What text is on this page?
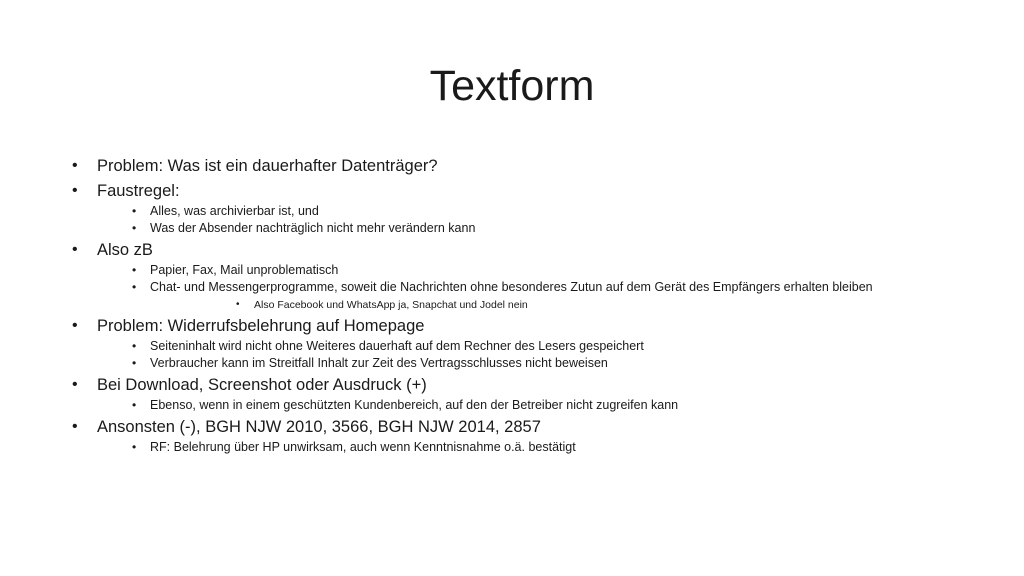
Textform
• Problem: Was ist ein dauerhafter Datenträger?
• Faustregel:
• Alles, was archivierbar ist, und
• Was der Absender nachträglich nicht mehr verändern kann
• Also zB
• Papier, Fax, Mail unproblematisch
• Chat- und Messengerprogramme, soweit die Nachrichten ohne besonderes Zutun auf dem Gerät des Empfängers erhalten bleiben
• Also Facebook und WhatsApp ja, Snapchat und Jodel nein
• Problem: Widerrufsbelehrung auf Homepage
• Seiteninhalt wird nicht ohne Weiteres dauerhaft auf dem Rechner des Lesers gespeichert
• Verbraucher kann im Streitfall Inhalt zur Zeit des Vertragsschlusses nicht beweisen
• Bei Download, Screenshot oder Ausdruck (+)
• Ebenso, wenn in einem geschützten Kundenbereich, auf den der Betreiber nicht zugreifen kann
• Ansonsten (-), BGH NJW 2010, 3566, BGH NJW 2014, 2857
• RF: Belehrung über HP unwirksam, auch wenn Kenntnisnahme o.ä. bestätigt
